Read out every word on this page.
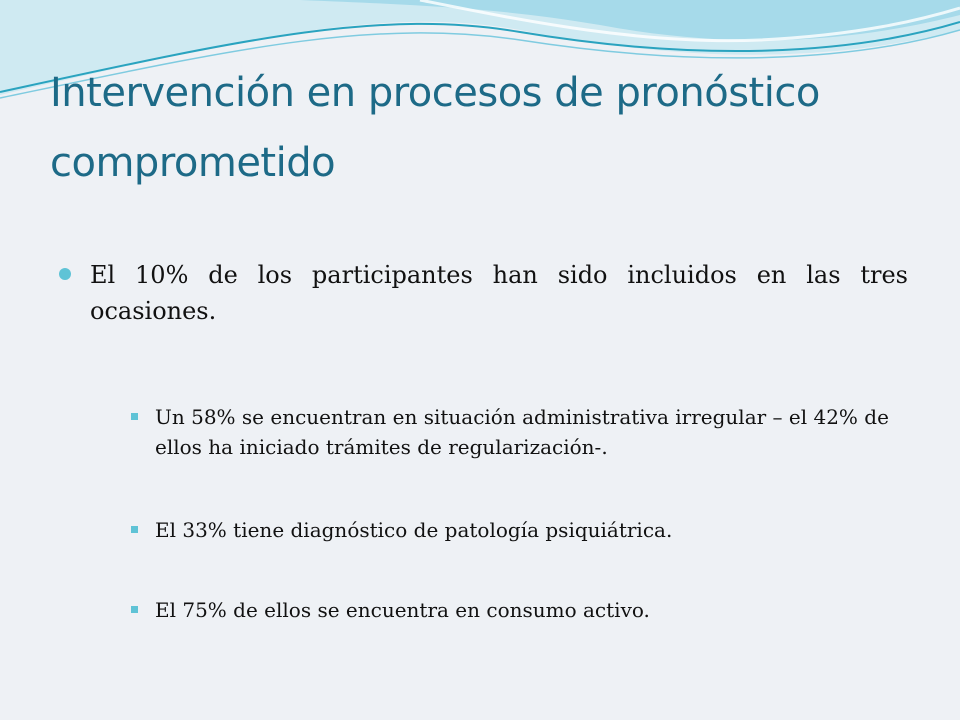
Intervención en procesos de pronóstico comprometido
El 10% de los participantes han sido incluidos en las tres ocasiones.
Un 58% se encuentran en situación administrativa irregular – el 42% de ellos ha iniciado trámites de regularización-.
El 33% tiene diagnóstico de patología psiquiátrica.
El 75% de ellos se encuentra en consumo activo.
